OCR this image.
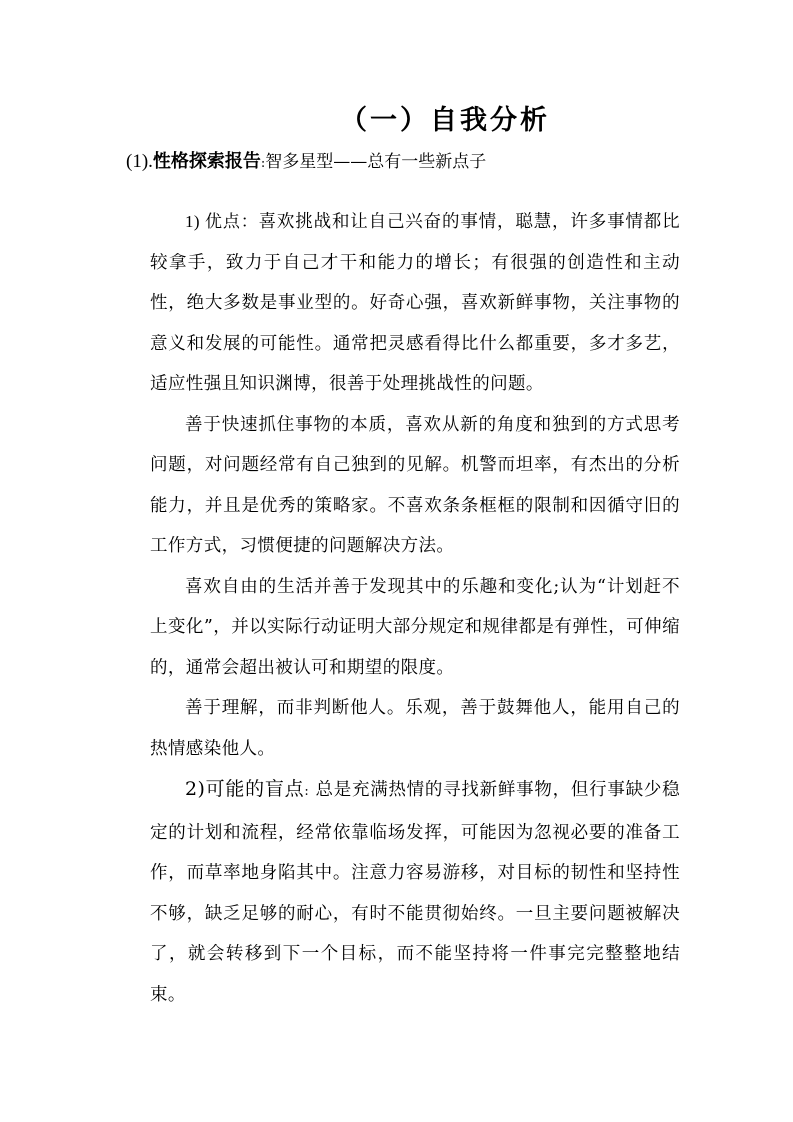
（一）自我分析
(1).性格探索报告:智多星型——总有一些新点子

1) 优点：喜欢挑战和让自己兴奋的事情，聪慧，许多事情都比较拿手，致力于自己才干和能力的增长；有很强的创造性和主动性，绝大多数是事业型的。好奇心强，喜欢新鲜事物，关注事物的意义和发展的可能性。通常把灵感看得比什么都重要，多才多艺，适应性强且知识渊博，很善于处理挑战性的问题。

善于快速抓住事物的本质，喜欢从新的角度和独到的方式思考问题，对问题经常有自己独到的见解。机警而坦率，有杰出的分析能力，并且是优秀的策略家。不喜欢条条框框的限制和因循守旧的工作方式，习惯便捷的问题解决方法。

喜欢自由的生活并善于发现其中的乐趣和变化;认为“计划赶不上变化”，并以实际行动证明大部分规定和规律都是有弹性，可伸缩的，通常会超出被认可和期望的限度。

善于理解，而非判断他人。乐观，善于鼓舞他人，能用自己的热情感染他人。

2)可能的盲点: 总是充满热情的寻找新鲜事物，但行事缺少稳定的计划和流程，经常依靠临场发挥，可能因为忽视必要的准备工作，而草率地身陷其中。注意力容易游移，对目标的韧性和坚持性不够，缺乏足够的耐心，有时不能贯彻始终。一旦主要问题被解决了，就会转移到下一个目标，而不能坚持将一件事完完整整地结束。
